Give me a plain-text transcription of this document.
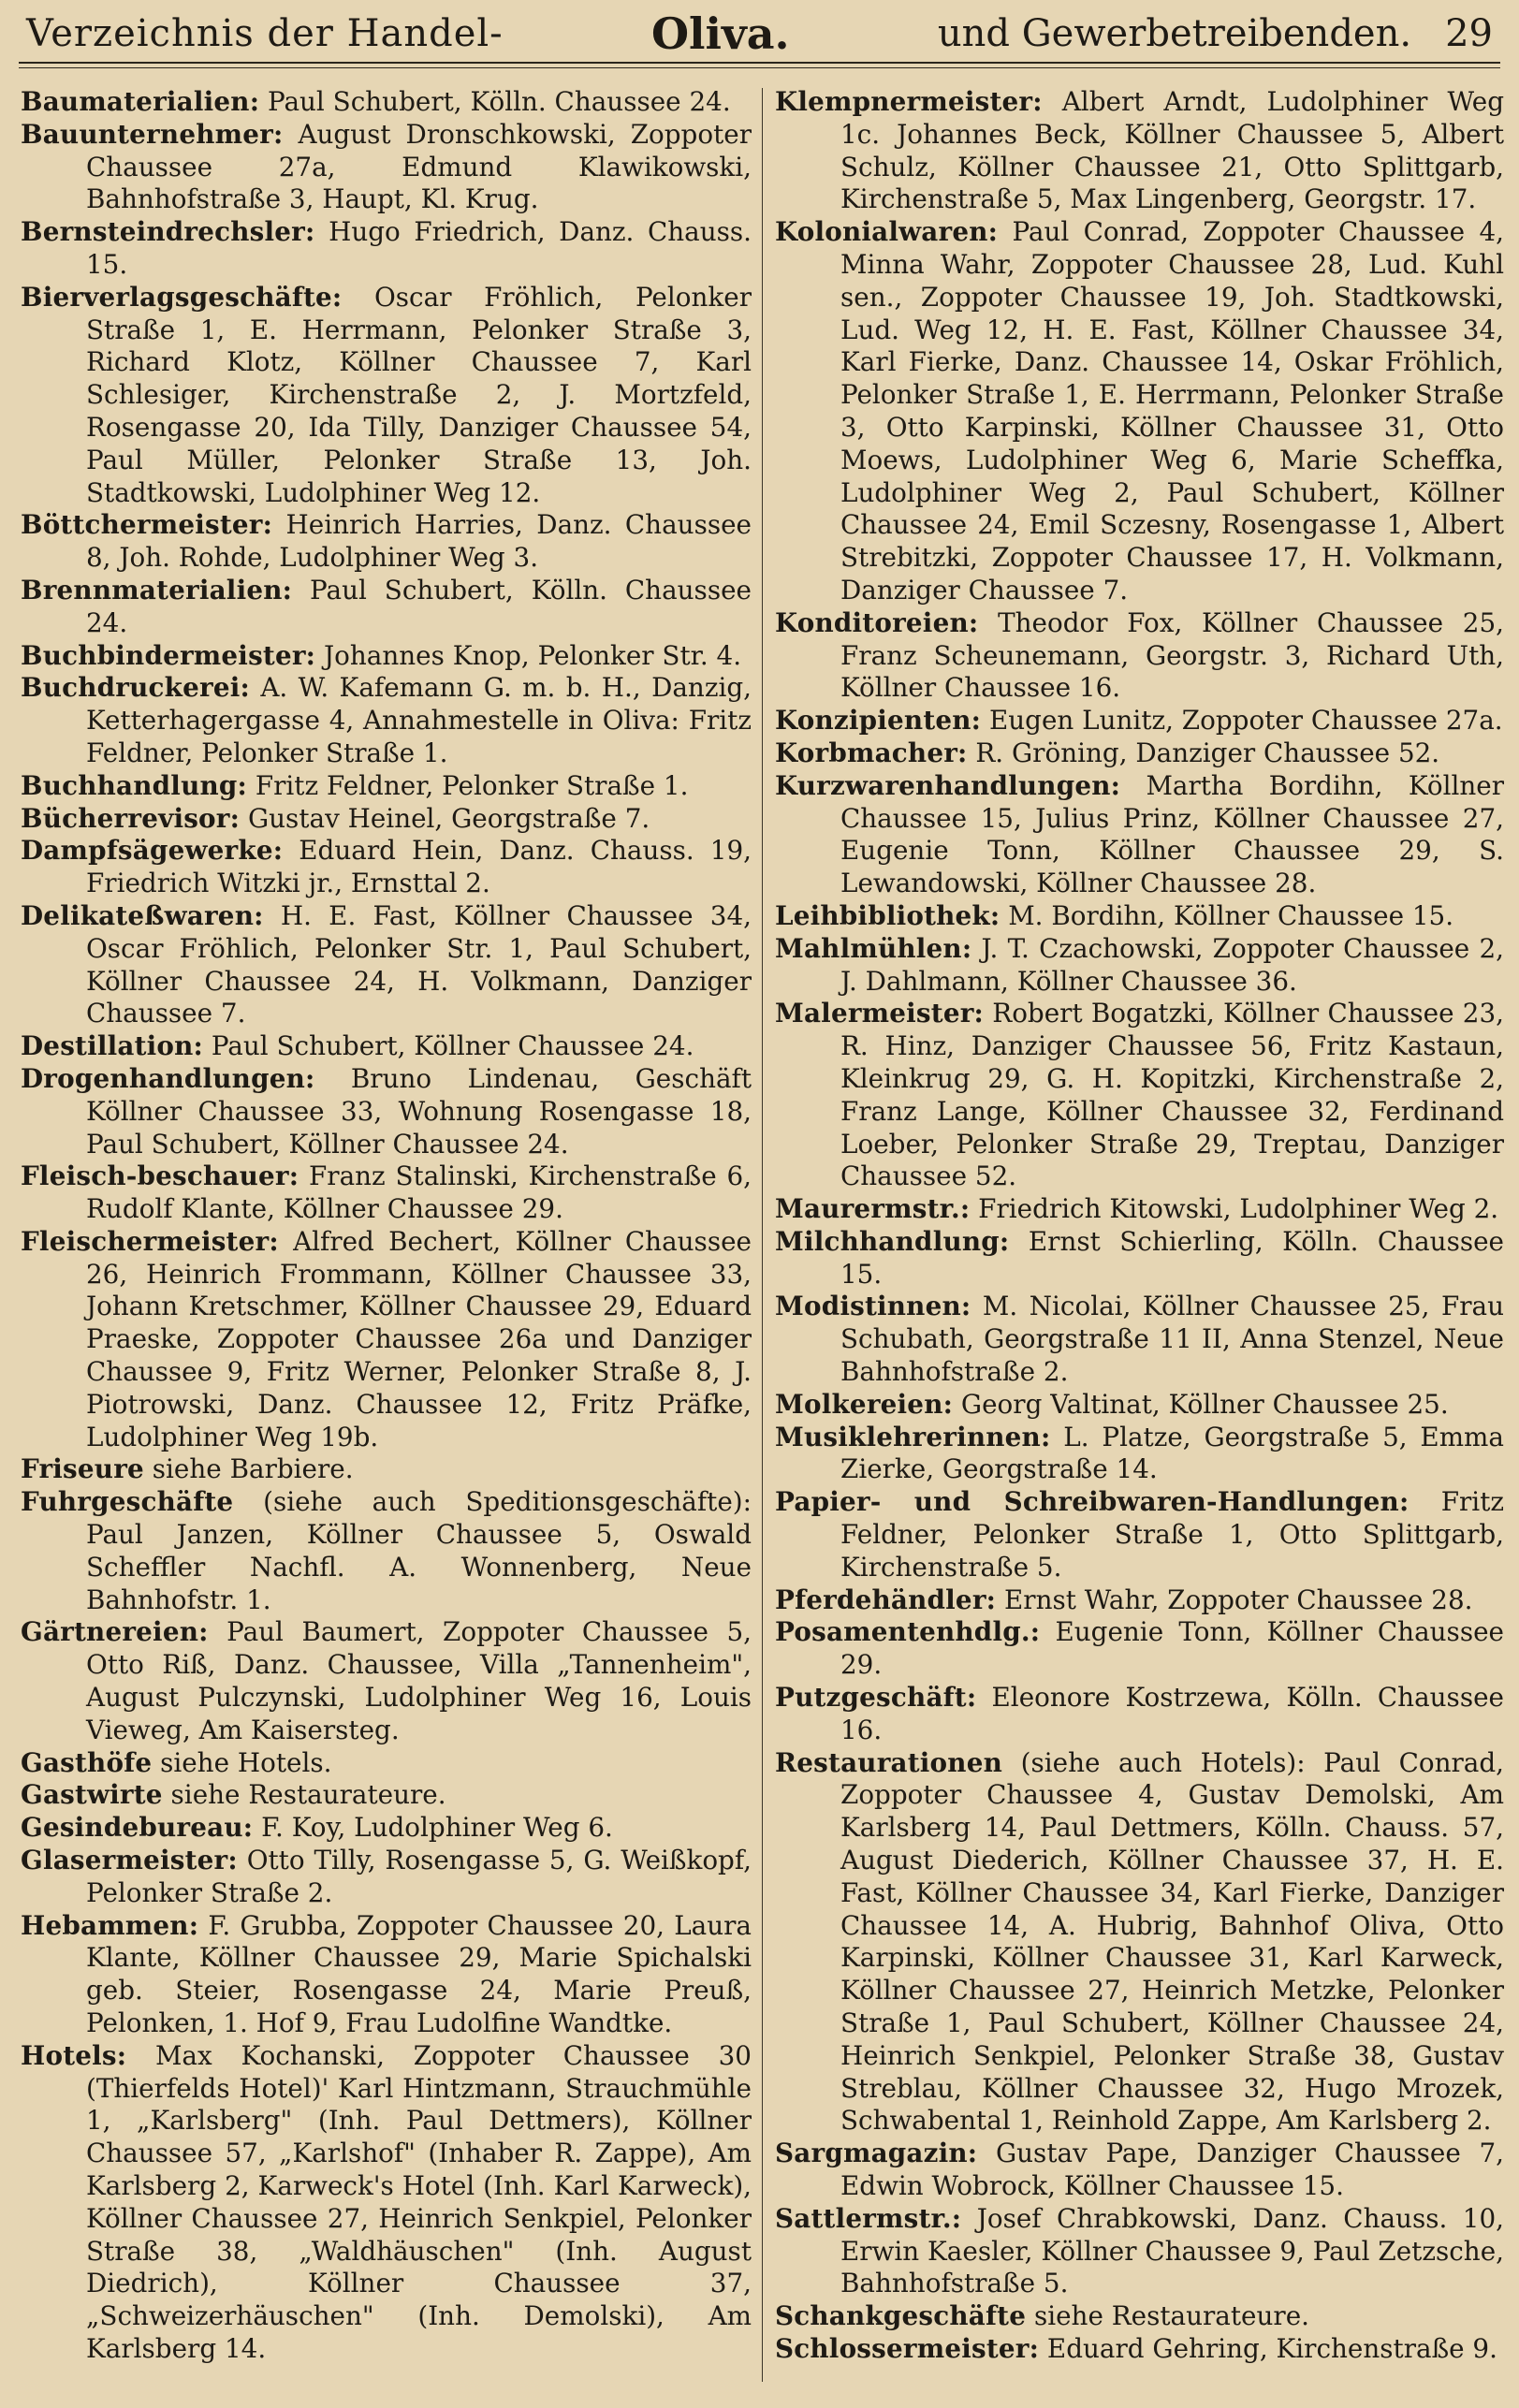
Verzeichnis der Handel-	Oliva.	und Gewerbetreibenden. 29
Baumaterialien: Paul Schubert, Kölln. Chaussee 24.
Bauunternehmer: August Dronschkowski, Zoppoter Chaussee 27a, Edmund Klawikowski, Bahnhofstraße 3, Haupt, Kl. Krug.
Bernsteindrechsler: Hugo Friedrich, Danz. Chauss. 15.
Bierverlagsgeschäfte: Oscar Fröhlich, Pelonker Straße 1, E. Herrmann, Pelonker Straße 3, Richard Klotz, Köllner Chaussee 7, Karl Schlesiger, Kirchenstraße 2, J. Mortzfeld, Rosengasse 20, Ida Tilly, Danziger Chaussee 54, Paul Müller, Pelonker Straße 13, Joh. Stadtkowski, Ludolphiner Weg 12.
Böttchermeister: Heinrich Harries, Danz. Chaussee 8, Joh. Rohde, Ludolphiner Weg 3.
Brennmaterialien: Paul Schubert, Kölln. Chaussee 24.
Buchbindermeister: Johannes Knop, Pelonker Str. 4.
Buchdruckerei: A. W. Kafemann G. m. b. H., Danzig, Ketterhagergasse 4, Annahmestelle in Oliva: Fritz Feldner, Pelonker Straße 1.
Buchhandlung: Fritz Feldner, Pelonker Straße 1.
Bücherrevisor: Gustav Heinel, Georgstraße 7.
Dampfsägewerke: Eduard Hein, Danz. Chauss. 19, Friedrich Witzki jr., Ernsttal 2.
Delikateßwaren: H. E. Fast, Köllner Chaussee 34, Oscar Fröhlich, Pelonker Str. 1, Paul Schubert, Köllner Chaussee 24, H. Volkmann, Danziger Chaussee 7.
Destillation: Paul Schubert, Köllner Chaussee 24.
Drogenhandlungen: Bruno Lindenau, Geschäft Köllner Chaussee 33, Wohnung Rosengasse 18, Paul Schubert, Köllner Chaussee 24.
Fleisch-beschauer: Franz Stalinski, Kirchenstraße 6, Rudolf Klante, Köllner Chaussee 29.
Fleischermeister: Alfred Bechert, Köllner Chaussee 26, Heinrich Frommann, Köllner Chaussee 33, Johann Kretschmer, Köllner Chaussee 29, Eduard Praeske, Zoppoter Chaussee 26a und Danziger Chaussee 9, Fritz Werner, Pelonker Straße 8, J. Piotrowski, Danz. Chaussee 12, Fritz Präfke, Ludolphiner Weg 19b.
Friseure siehe Barbiere.
Fuhrgeschäfte (siehe auch Speditionsgeschäfte): Paul Janzen, Köllner Chaussee 5, Oswald Scheffler Nachfl. A. Wonnenberg, Neue Bahnhofstr. 1.
Gärtnereien: Paul Baumert, Zoppoter Chaussee 5, Otto Riß, Danz. Chaussee, Villa „Tannenheim", August Pulczynski, Ludolphiner Weg 16, Louis Vieweg, Am Kaisersteg.
Gasthöfe siehe Hotels.
Gastwirte siehe Restaurateure.
Gesindebureau: F. Koy, Ludolphiner Weg 6.
Glasermeister: Otto Tilly, Rosengasse 5, G. Weißkopf, Pelonker Straße 2.
Hebammen: F. Grubba, Zoppoter Chaussee 20, Laura Klante, Köllner Chaussee 29, Marie Spichalski geb. Steier, Rosengasse 24, Marie Preuß, Pelonken, 1. Hof 9, Frau Ludolfine Wandtke.
Hotels: Max Kochanski, Zoppoter Chaussee 30 (Thierfelds Hotel)' Karl Hintzmann, Strauchmühle 1, „Karlsberg" (Inh. Paul Dettmers), Köllner Chaussee 57, „Karlshof" (Inhaber R. Zappe), Am Karlsberg 2, Karweck's Hotel (Inh. Karl Karweck), Köllner Chaussee 27, Heinrich Senkpiel, Pelonker Straße 38, „Waldhäuschen" (Inh. August Diedrich), Köllner Chaussee 37, „Schweizerhäuschen" (Inh. Demolski), Am Karlsberg 14.
Klempnermeister: Albert Arndt, Ludolphiner Weg 1c. Johannes Beck, Köllner Chaussee 5, Albert Schulz, Köllner Chaussee 21, Otto Splittgarb, Kirchenstraße 5, Max Lingenberg, Georgstr. 17.
Kolonialwaren: Paul Conrad, Zoppoter Chaussee 4, Minna Wahr, Zoppoter Chaussee 28, Lud. Kuhl sen., Zoppoter Chaussee 19, Joh. Stadtkowski, Lud. Weg 12, H. E. Fast, Köllner Chaussee 34, Karl Fierke, Danz. Chaussee 14, Oskar Fröhlich, Pelonker Straße 1, E. Herrmann, Pelonker Straße 3, Otto Karpinski, Köllner Chaussee 31, Otto Moews, Ludolphiner Weg 6, Marie Scheffka, Ludolphiner Weg 2, Paul Schubert, Köllner Chaussee 24, Emil Sczesny, Rosengasse 1, Albert Strebitzki, Zoppoter Chaussee 17, H. Volkmann, Danziger Chaussee 7.
Konditoreien: Theodor Fox, Köllner Chaussee 25, Franz Scheunemann, Georgstr. 3, Richard Uth, Köllner Chaussee 16.
Konzipienten: Eugen Lunitz, Zoppoter Chaussee 27a.
Korbmacher: R. Gröning, Danziger Chaussee 52.
Kurzwarenhandlungen: Martha Bordihn, Köllner Chaussee 15, Julius Prinz, Köllner Chaussee 27, Eugenie Tonn, Köllner Chaussee 29, S. Lewandowski, Köllner Chaussee 28.
Leihbibliothek: M. Bordihn, Köllner Chaussee 15.
Mahlmühlen: J. T. Czachowski, Zoppoter Chaussee 2, J. Dahlmann, Köllner Chaussee 36.
Malermeister: Robert Bogatzki, Köllner Chaussee 23, R. Hinz, Danziger Chaussee 56, Fritz Kastaun, Kleinkrug 29, G. H. Kopitzki, Kirchenstraße 2, Franz Lange, Köllner Chaussee 32, Ferdinand Loeber, Pelonker Straße 29, Treptau, Danziger Chaussee 52.
Maurermstr.: Friedrich Kitowski, Ludolphiner Weg 2.
Milchhandlung: Ernst Schierling, Kölln. Chaussee 15.
Modistinnen: M. Nicolai, Köllner Chaussee 25, Frau Schubath, Georgstraße 11 II, Anna Stenzel, Neue Bahnhofstraße 2.
Molkereien: Georg Valtinat, Köllner Chaussee 25.
Musiklehrerinnen: L. Platze, Georgstraße 5, Emma Zierke, Georgstraße 14.
Papier- und Schreibwaren-Handlungen: Fritz Feldner, Pelonker Straße 1, Otto Splittgarb, Kirchenstraße 5.
Pferdehändler: Ernst Wahr, Zoppoter Chaussee 28.
Posamentenhdlg.: Eugenie Tonn, Köllner Chaussee 29.
Putzgeschäft: Eleonore Kostrzewa, Kölln. Chaussee 16.
Restaurationen (siehe auch Hotels): Paul Conrad, Zoppoter Chaussee 4, Gustav Demolski, Am Karlsberg 14, Paul Dettmers, Kölln. Chauss. 57, August Diederich, Köllner Chaussee 37, H. E. Fast, Köllner Chaussee 34, Karl Fierke, Danziger Chaussee 14, A. Hubrig, Bahnhof Oliva, Otto Karpinski, Köllner Chaussee 31, Karl Karweck, Köllner Chaussee 27, Heinrich Metzke, Pelonker Straße 1, Paul Schubert, Köllner Chaussee 24, Heinrich Senkpiel, Pelonker Straße 38, Gustav Streblau, Köllner Chaussee 32, Hugo Mrozek, Schwabental 1, Reinhold Zappe, Am Karlsberg 2.
Sargmagazin: Gustav Pape, Danziger Chaussee 7, Edwin Wobrock, Köllner Chaussee 15.
Sattlermstr.: Josef Chrabkowski, Danz. Chauss. 10, Erwin Kaesler, Köllner Chaussee 9, Paul Zetzsche, Bahnhofstraße 5.
Schankgeschäfte siehe Restaurateure.
Schlossermeister: Eduard Gehring, Kirchenstraße 9.
